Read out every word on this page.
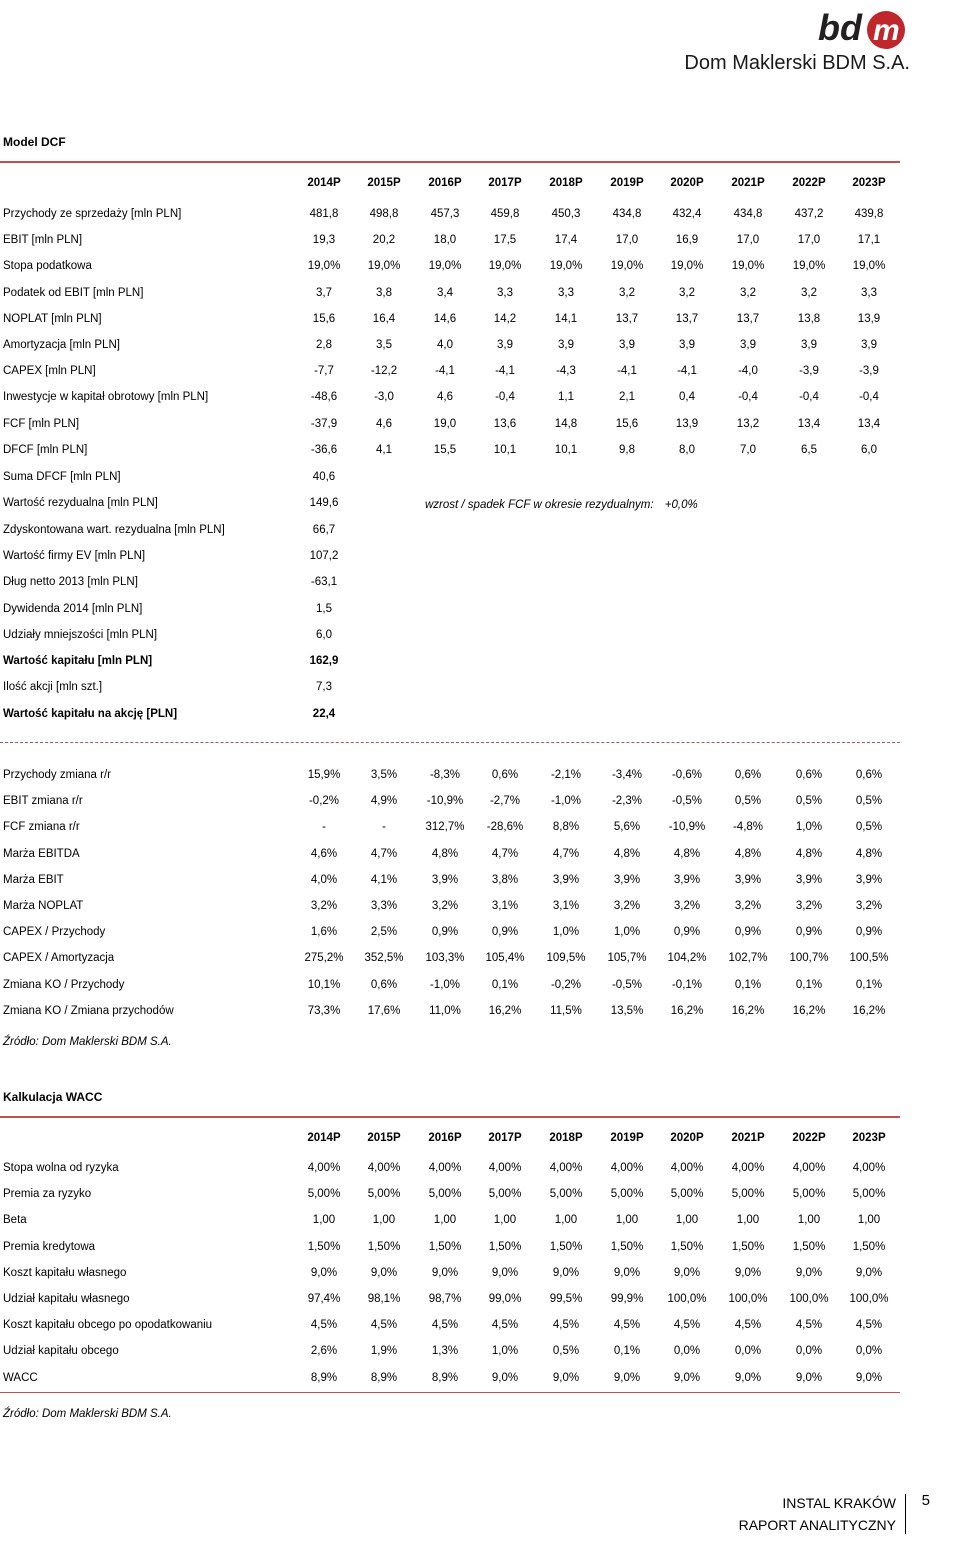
bd m
Dom Maklerski BDM S.A.
Model DCF
2014P	2015P	2016P	2017P	2018P	2019P	2020P	2021P	2022P	2023P
Przychody ze sprzedaży [mln PLN]	481,8	498,8	457,3	459,8	450,3	434,8	432,4	434,8	437,2	439,8
EBIT [mln PLN]	19,3	20,2	18,0	17,5	17,4	17,0	16,9	17,0	17,0	17,1
Stopa podatkowa	19,0%	19,0%	19,0%	19,0%	19,0%	19,0%	19,0%	19,0%	19,0%	19,0%
Podatek od EBIT [mln PLN]	3,7	3,8	3,4	3,3	3,3	3,2	3,2	3,2	3,2	3,3
NOPLAT [mln PLN]	15,6	16,4	14,6	14,2	14,1	13,7	13,7	13,7	13,8	13,9
Amortyzacja [mln PLN]	2,8	3,5	4,0	3,9	3,9	3,9	3,9	3,9	3,9	3,9
CAPEX [mln PLN]	-7,7	-12,2	-4,1	-4,1	-4,3	-4,1	-4,1	-4,0	-3,9	-3,9
Inwestycje w kapitał obrotowy [mln PLN]	-48,6	-3,0	4,6	-0,4	1,1	2,1	0,4	-0,4	-0,4	-0,4
FCF [mln PLN]	-37,9	4,6	19,0	13,6	14,8	15,6	13,9	13,2	13,4	13,4
DFCF [mln PLN]	-36,6	4,1	15,5	10,1	10,1	9,8	8,0	7,0	6,5	6,0
Suma DFCF [mln PLN]	40,6
Wartość rezydualna [mln PLN]	149,6
Zdyskontowana wart. rezydualna [mln PLN]	66,7
Wartość firmy EV [mln PLN]	107,2
Dług netto 2013 [mln PLN]	-63,1
Dywidenda 2014 [mln PLN]	1,5
Udziały mniejszości [mln PLN]	6,0
Wartość kapitału [mln PLN]	162,9
Ilość akcji [mln szt.]	7,3
Wartość kapitału na akcję [PLN]	22,4
wzrost / spadek FCF w okresie rezydualnym: +0,0%
Przychody zmiana r/r	15,9%	3,5%	-8,3%	0,6%	-2,1%	-3,4%	-0,6%	0,6%	0,6%	0,6%
EBIT zmiana r/r	-0,2%	4,9%	-10,9%	-2,7%	-1,0%	-2,3%	-0,5%	0,5%	0,5%	0,5%
FCF zmiana r/r	-	-	312,7%	-28,6%	8,8%	5,6%	-10,9%	-4,8%	1,0%	0,5%
Marża EBITDA	4,6%	4,7%	4,8%	4,7%	4,7%	4,8%	4,8%	4,8%	4,8%	4,8%
Marża EBIT	4,0%	4,1%	3,9%	3,8%	3,9%	3,9%	3,9%	3,9%	3,9%	3,9%
Marża NOPLAT	3,2%	3,3%	3,2%	3,1%	3,1%	3,2%	3,2%	3,2%	3,2%	3,2%
CAPEX / Przychody	1,6%	2,5%	0,9%	0,9%	1,0%	1,0%	0,9%	0,9%	0,9%	0,9%
CAPEX / Amortyzacja	275,2%	352,5%	103,3%	105,4%	109,5%	105,7%	104,2%	102,7%	100,7%	100,5%
Zmiana KO / Przychody	10,1%	0,6%	-1,0%	0,1%	-0,2%	-0,5%	-0,1%	0,1%	0,1%	0,1%
Zmiana KO / Zmiana przychodów	73,3%	17,6%	11,0%	16,2%	11,5%	13,5%	16,2%	16,2%	16,2%	16,2%
Źródło: Dom Maklerski BDM S.A.
Kalkulacja WACC
2014P	2015P	2016P	2017P	2018P	2019P	2020P	2021P	2022P	2023P
Stopa wolna od ryzyka	4,00%	4,00%	4,00%	4,00%	4,00%	4,00%	4,00%	4,00%	4,00%	4,00%
Premia za ryzyko	5,00%	5,00%	5,00%	5,00%	5,00%	5,00%	5,00%	5,00%	5,00%	5,00%
Beta	1,00	1,00	1,00	1,00	1,00	1,00	1,00	1,00	1,00	1,00
Premia kredytowa	1,50%	1,50%	1,50%	1,50%	1,50%	1,50%	1,50%	1,50%	1,50%	1,50%
Koszt kapitału własnego	9,0%	9,0%	9,0%	9,0%	9,0%	9,0%	9,0%	9,0%	9,0%	9,0%
Udział kapitału własnego	97,4%	98,1%	98,7%	99,0%	99,5%	99,9%	100,0%	100,0%	100,0%	100,0%
Koszt kapitału obcego po opodatkowaniu	4,5%	4,5%	4,5%	4,5%	4,5%	4,5%	4,5%	4,5%	4,5%	4,5%
Udział kapitału obcego	2,6%	1,9%	1,3%	1,0%	0,5%	0,1%	0,0%	0,0%	0,0%	0,0%
WACC	8,9%	8,9%	8,9%	9,0%	9,0%	9,0%	9,0%	9,0%	9,0%	9,0%
Źródło: Dom Maklerski BDM S.A.
INSTAL KRAKÓW
RAPORT ANALITYCZNY
5
